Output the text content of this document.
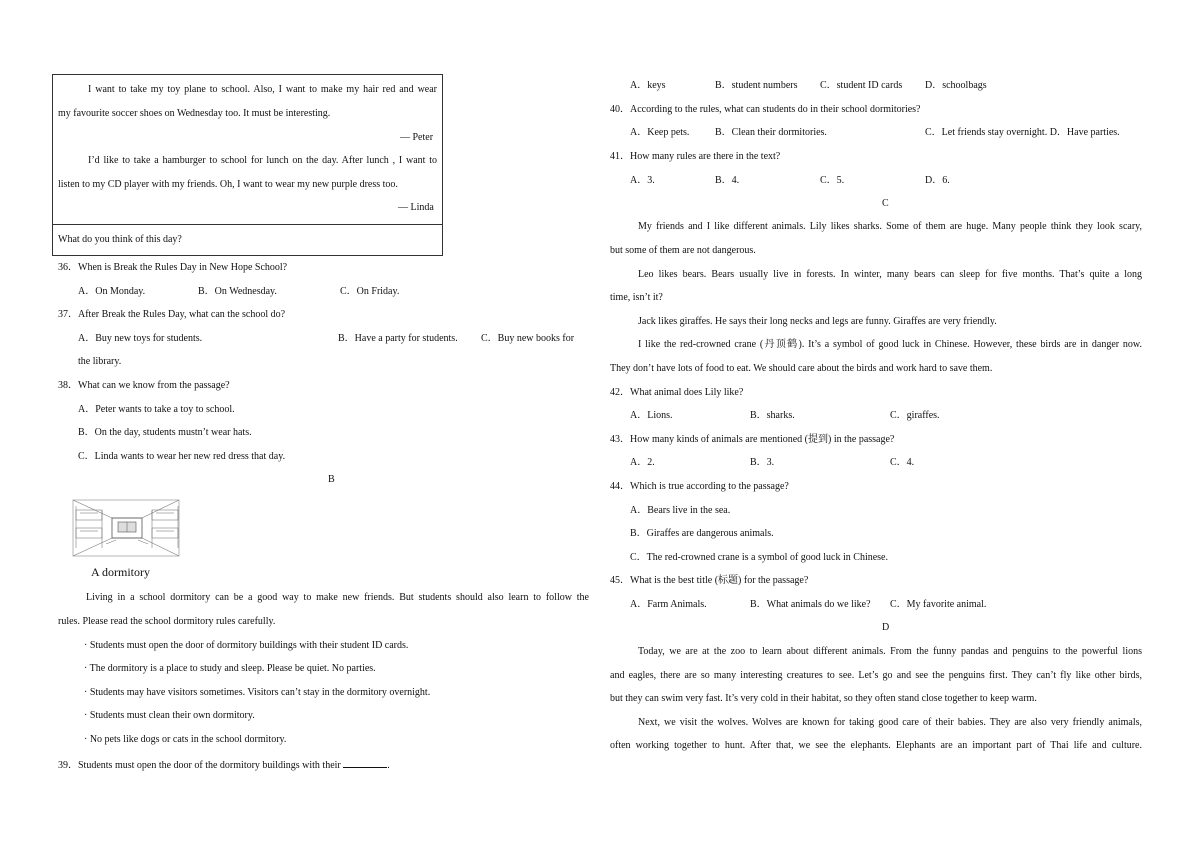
I want to take my toy plane to school. Also, I want to make my hair red and wear
my favourite soccer shoes on Wednesday too. It must be interesting.
— Peter
I’d like to take a hamburger to school for lunch on the day. After lunch , I want to
listen to my CD player with my friends. Oh, I want to wear my new purple dress too.
— Linda
What do you think of this day?
36．When is Break the Rules Day in New Hope School?
A．On Monday.	B．On Wednesday.	C．On Friday.
37．After Break the Rules Day, what can the school do?
A．Buy new toys for students.	B．Have a party for students. C．Buy new books for
the library.
38．What can we know from the passage?
A．Peter wants to take a toy to school.
B．On the day, students mustn’t wear hats.
C．Linda wants to wear her new red dress that day.
B
A dormitory
Living in a school dormitory can be a good way to make new friends. But students should also learn to follow the
rules. Please read the school dormitory rules carefully.
· Students must open the door of dormitory buildings with their student ID cards.
· The dormitory is a place to study and sleep. Please be quiet. No parties.
· Students may have visitors sometimes. Visitors can’t stay in the dormitory overnight.
· Students must clean their own dormitory.
· No pets like dogs or cats in the school dormitory.
39．Students must open the door of the dormitory buildings with their	.
A．keys	B．student numbers C．student ID cards D．schoolbags
40．According to the rules, what can students do in their school dormitories?
A．Keep pets.	B．Clean their dormitories.	C．Let friends stay overnight. D．Have parties.
41．How many rules are there in the text?
A．3.	B．4.	C．5.	D．6.
C
My friends and I like different animals. Lily likes sharks. Some of them are huge. Many people think they look scary,
but some of them are not dangerous.
Leo likes bears. Bears usually live in forests. In winter, many bears can sleep for five months. That’s quite a long
time, isn’t it?
Jack likes giraffes. He says their long necks and legs are funny. Giraffes are very friendly.
I like the red-crowned crane (丹顶鹤). It’s a symbol of good luck in Chinese. However, these birds are in danger now.
They don’t have lots of food to eat. We should care about the birds and work hard to save them.
42．What animal does Lily like?
A．Lions.	B．sharks.	C．giraffes.
43．How many kinds of animals are mentioned (提到) in the passage?
A．2.	B．3.	C．4.
44．Which is true according to the passage?
A．Bears live in the sea.
B．Giraffes are dangerous animals.
C．The red-crowned crane is a symbol of good luck in Chinese.
45．What is the best title (标题) for the passage?
A．Farm Animals.	B．What animals do we like? C．My favorite animal.
D
Today, we are at the zoo to learn about different animals. From the funny pandas and penguins to the powerful lions
and eagles, there are so many interesting creatures to see. Let’s go and see the penguins first. They can’t fly like other birds,
but they can swim very fast. It’s very cold in their habitat, so they often stand close together to keep warm.
Next, we visit the wolves. Wolves are known for taking good care of their babies. They are also very friendly animals,
often working together to hunt. After that, we see the elephants. Elephants are an important part of Thai life and culture.
